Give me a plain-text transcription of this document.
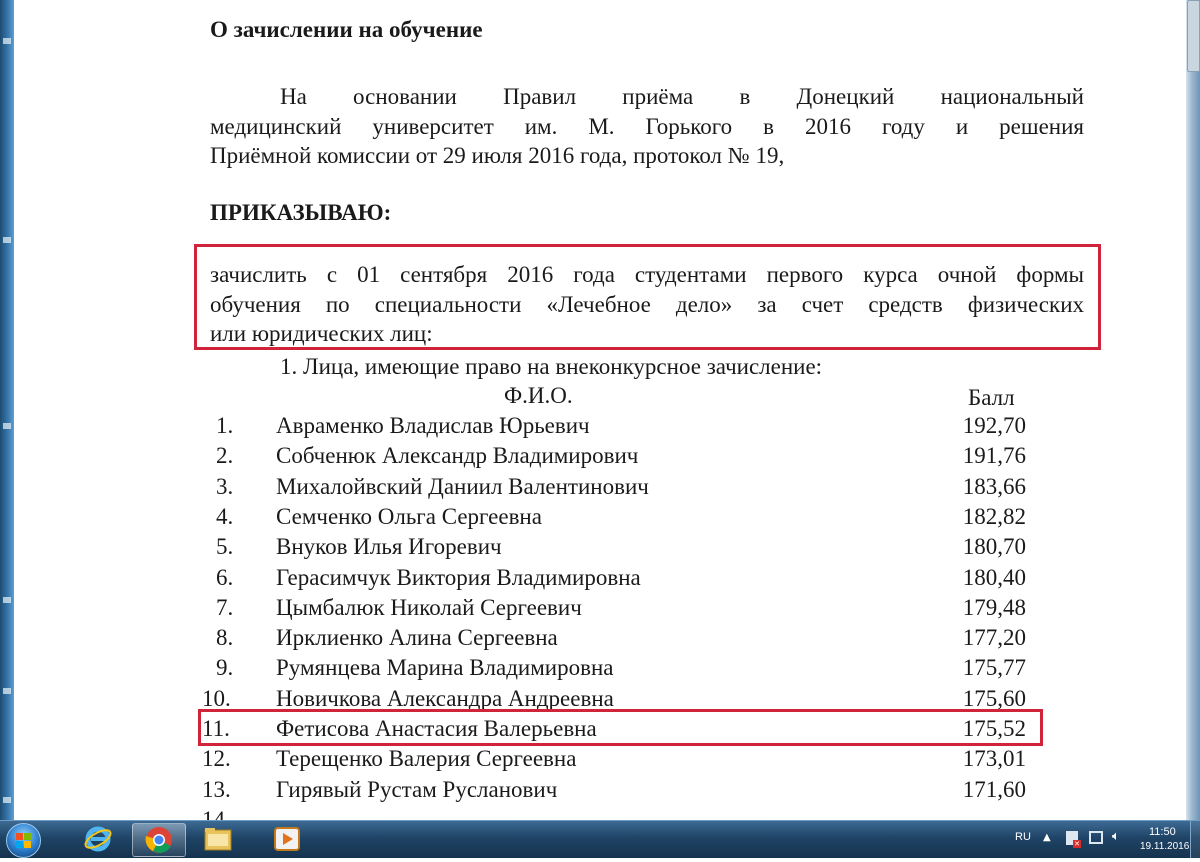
О зачислении на обучение
На основании Правил приёма в Донецкий национальный
медицинский университет им. М. Горького в 2016 году и решения
Приёмной комиссии от 29 июля 2016 года, протокол № 19,
ПРИКАЗЫВАЮ:
зачислить с 01 сентября 2016 года студентами первого курса очной формы
обучения по специальности «Лечебное дело» за счет средств физических
или юридических лиц:
1. Лица, имеющие право на внеконкурсное зачисление:
Ф.И.О.	Балл
1. Авраменко Владислав Юрьевич	192,70
2. Собченюк Александр Владимирович	191,76
3. Михалойвский Даниил Валентинович	183,66
4. Семченко Ольга Сергеевна	182,82
5. Внуков Илья Игоревич	180,70
6. Герасимчук Виктория Владимировна	180,40
7. Цымбалюк Николай Сергеевич	179,48
8. Ирклиенко Алина Сергеевна	177,20
9. Румянцева Марина Владимировна	175,77
10. Новичкова Александра Андреевна	175,60
11. Фетисова Анастасия Валерьевна	175,52
12. Терещенко Валерия Сергеевна	173,01
13. Гирявый Рустам Русланович	171,60
RU ▲
✕ 🔈︎	11:50
19.11.2016
